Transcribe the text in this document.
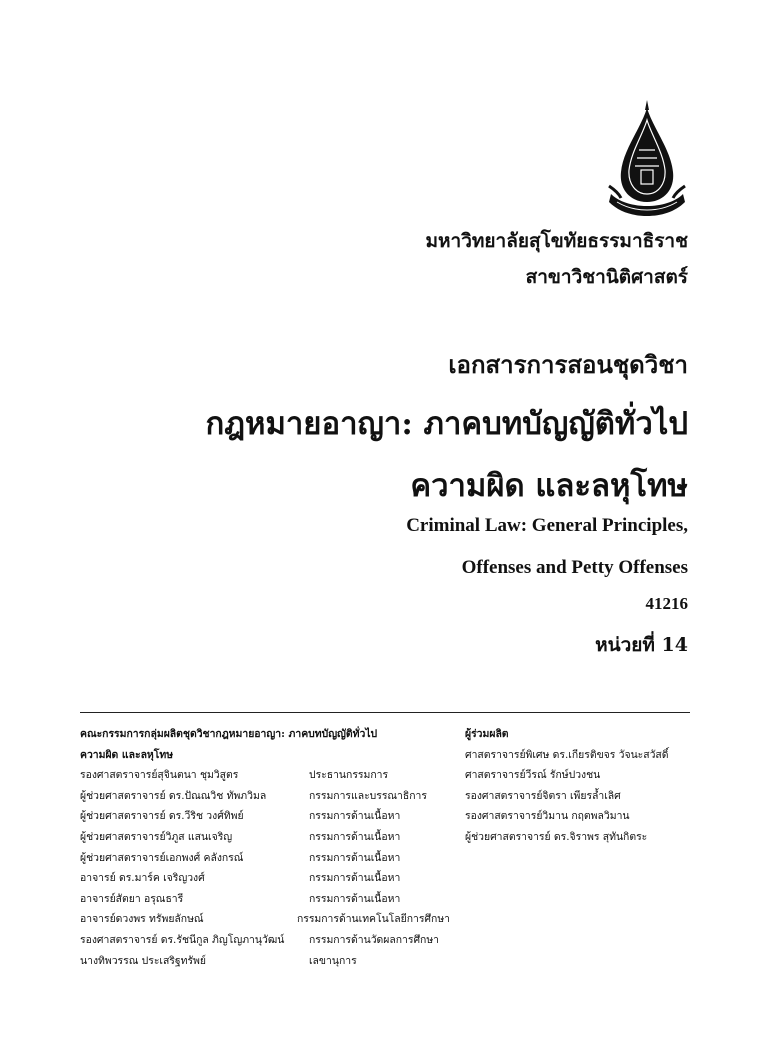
มหาวิทยาลัยสุโขทัยธรรมาธิราช
สาขาวิชานิติศาสตร์
เอกสารการสอนชุดวิชา
กฎหมายอาญา: ภาคบทบัญญัติทั่วไป
ความผิด และลหุโทษ
Criminal Law: General Principles,
Offenses and Petty Offenses
41216
หน่วยที่ 14
คณะกรรมการกลุ่มผลิตชุดวิชากฎหมายอาญา: ภาคบทบัญญัติทั่วไป
ความผิด และลหุโทษ
รองศาสตราจารย์สุจินตนา ชุมวิสูตร	ประธานกรรมการ
ผู้ช่วยศาสตราจารย์ ดร.ปัณณวิช ทัพภวิมล	กรรมการและบรรณาธิการ
ผู้ช่วยศาสตราจารย์ ดร.วีริช วงศ์ทิพย์	กรรมการด้านเนื้อหา
ผู้ช่วยศาสตราจารย์วิภูส แสนเจริญ	กรรมการด้านเนื้อหา
ผู้ช่วยศาสตราจารย์เอกพงศ์ คลังกรณ์	กรรมการด้านเนื้อหา
อาจารย์ ดร.มาร์ค เจริญวงศ์	กรรมการด้านเนื้อหา
อาจารย์สัตยา อรุณธารี	กรรมการด้านเนื้อหา
อาจารย์ดวงพร ทรัพยลักษณ์	กรรมการด้านเทคโนโลยีการศึกษา
รองศาสตราจารย์ ดร.รัชนีกูล ภิญโญภานุวัฒน์	กรรมการด้านวัดผลการศึกษา
นางทิพวรรณ ประเสริฐทรัพย์	เลขานุการ
ผู้ร่วมผลิต
ศาสตราจารย์พิเศษ ดร.เกียรติขจร วัจนะสวัสดิ์
ศาสตราจารย์วีรณ์ รักษ์ปวงชน
รองศาสตราจารย์จิตรา เพียรล้ำเลิศ
รองศาสตราจารย์วิมาน กฤตพลวิมาน
ผู้ช่วยศาสตราจารย์ ดร.จิราพร สุทันกิตระ
